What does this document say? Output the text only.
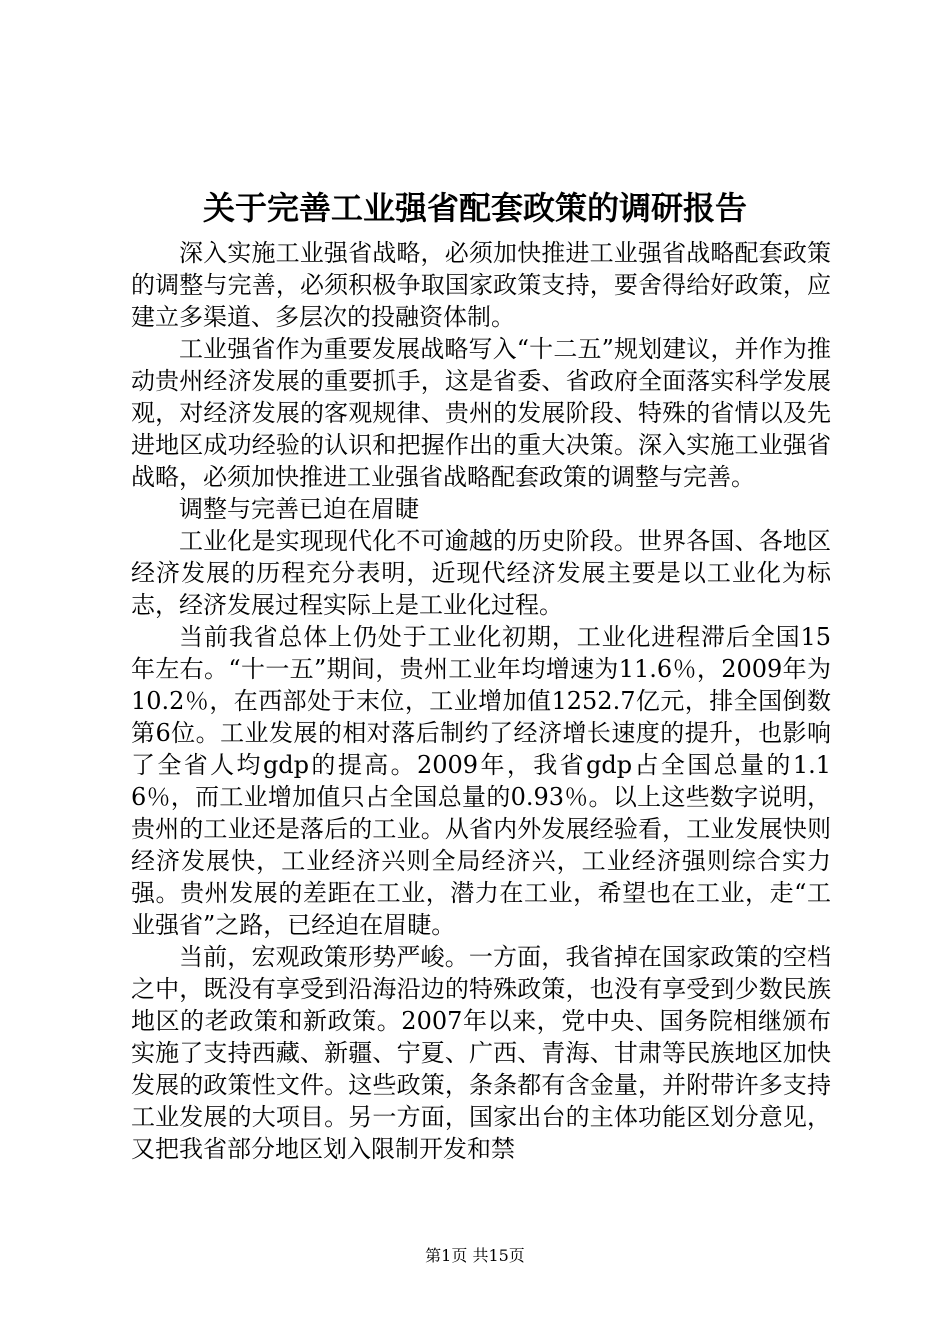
关于完善工业强省配套政策的调研报告

深入实施工业强省战略，必须加快推进工业强省战略配套政策的调整与完善，必须积极争取国家政策支持，要舍得给好政策，应建立多渠道、多层次的投融资体制。

工业强省作为重要发展战略写入“十二五”规划建议，并作为推动贵州经济发展的重要抓手，这是省委、省政府全面落实科学发展观，对经济发展的客观规律、贵州的发展阶段、特殊的省情以及先进地区成功经验的认识和把握作出的重大决策。深入实施工业强省战略，必须加快推进工业强省战略配套政策的调整与完善。

调整与完善已迫在眉睫

工业化是实现现代化不可逾越的历史阶段。世界各国、各地区经济发展的历程充分表明，近现代经济发展主要是以工业化为标志，经济发展过程实际上是工业化过程。

当前我省总体上仍处于工业化初期，工业化进程滞后全国15年左右。“十一五”期间，贵州工业年均增速为11.6％，2009年为10.2％，在西部处于末位，工业增加值1252.7亿元，排全国倒数第6位。工业发展的相对落后制约了经济增长速度的提升，也影响了全省人均gdp的提高。2009年，我省gdp占全国总量的1.16％，而工业增加值只占全国总量的0.93％。以上这些数字说明，贵州的工业还是落后的工业。从省内外发展经验看，工业发展快则经济发展快，工业经济兴则全局经济兴，工业经济强则综合实力强。贵州发展的差距在工业，潜力在工业，希望也在工业，走“工业强省”之路，已经迫在眉睫。

当前，宏观政策形势严峻。一方面，我省掉在国家政策的空档之中，既没有享受到沿海沿边的特殊政策，也没有享受到少数民族地区的老政策和新政策。2007年以来，党中央、国务院相继颁布实施了支持西藏、新疆、宁夏、广西、青海、甘肃等民族地区加快发展的政策性文件。这些政策，条条都有含金量，并附带许多支持工业发展的大项目。另一方面，国家出台的主体功能区划分意见，又把我省部分地区划入限制开发和禁

第1页 共15页
